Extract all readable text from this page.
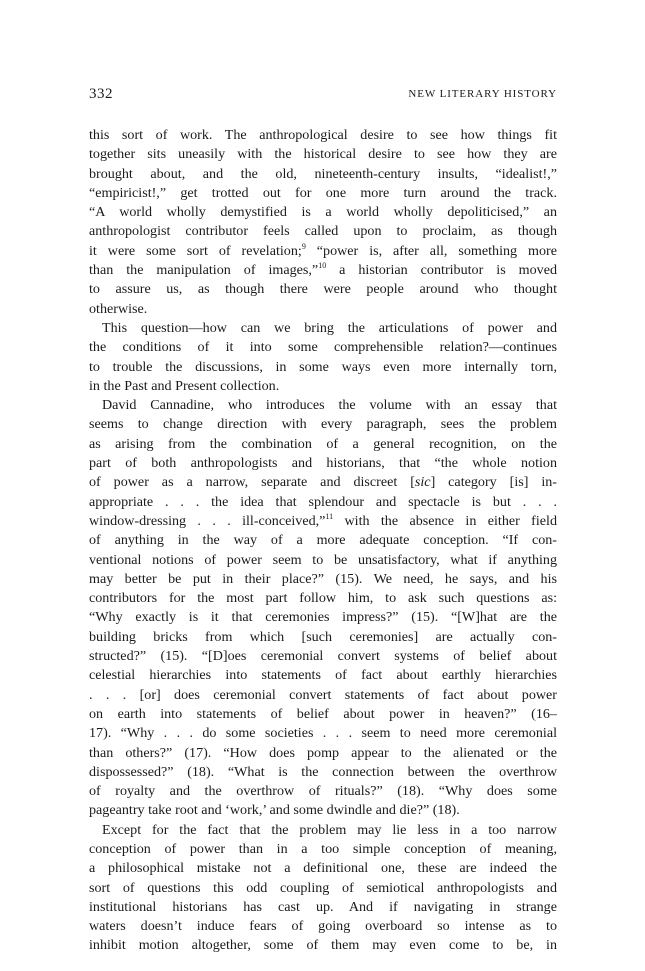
332	NEW LITERARY HISTORY
this sort of work. The anthropological desire to see how things fit
together sits uneasily with the historical desire to see how they are
brought about, and the old, nineteenth-century insults, “idealist!,”
“empiricist!,” get trotted out for one more turn around the track.
“A world wholly demystified is a world wholly depoliticised,” an
anthropologist contributor feels called upon to proclaim, as though
it were some sort of revelation;$^9$ “power is, after all, something more
than the manipulation of images,”$^{10}$ a historian contributor is moved
to assure us, as though there were people around who thought
otherwise.
This question—how can we bring the articulations of power and
the conditions of it into some comprehensible relation?—continues
to trouble the discussions, in some ways even more internally torn,
in the Past and Present collection.
David Cannadine, who introduces the volume with an essay that
seems to change direction with every paragraph, sees the problem
as arising from the combination of a general recognition, on the
part of both anthropologists and historians, that “the whole notion
of power as a narrow, separate and discreet [sic] category [is] in-
appropriate . . . the idea that splendour and spectacle is but . . .
window-dressing . . . ill-conceived,”$^{11}$ with the absence in either field
of anything in the way of a more adequate conception. “If con-
ventional notions of power seem to be unsatisfactory, what if anything
may better be put in their place?” (15). We need, he says, and his
contributors for the most part follow him, to ask such questions as:
“Why exactly is it that ceremonies impress?” (15). “[W]hat are the
building bricks from which [such ceremonies] are actually con-
structed?” (15). “[D]oes ceremonial convert systems of belief about
celestial hierarchies into statements of fact about earthly hierarchies
. . . [or] does ceremonial convert statements of fact about power
on earth into statements of belief about power in heaven?” (16–
17). “Why . . . do some societies . . . seem to need more ceremonial
than others?” (17). “How does pomp appear to the alienated or the
dispossessed?” (18). “What is the connection between the overthrow
of royalty and the overthrow of rituals?” (18). “Why does some
pageantry take root and ‘work,’ and some dwindle and die?” (18).
Except for the fact that the problem may lie less in a too narrow
conception of power than in a too simple conception of meaning,
a philosophical mistake not a definitional one, these are indeed the
sort of questions this odd coupling of semiotical anthropologists and
institutional historians has cast up. And if navigating in strange
waters doesn’t induce fears of going overboard so intense as to
inhibit motion altogether, some of them may even come to be, in
